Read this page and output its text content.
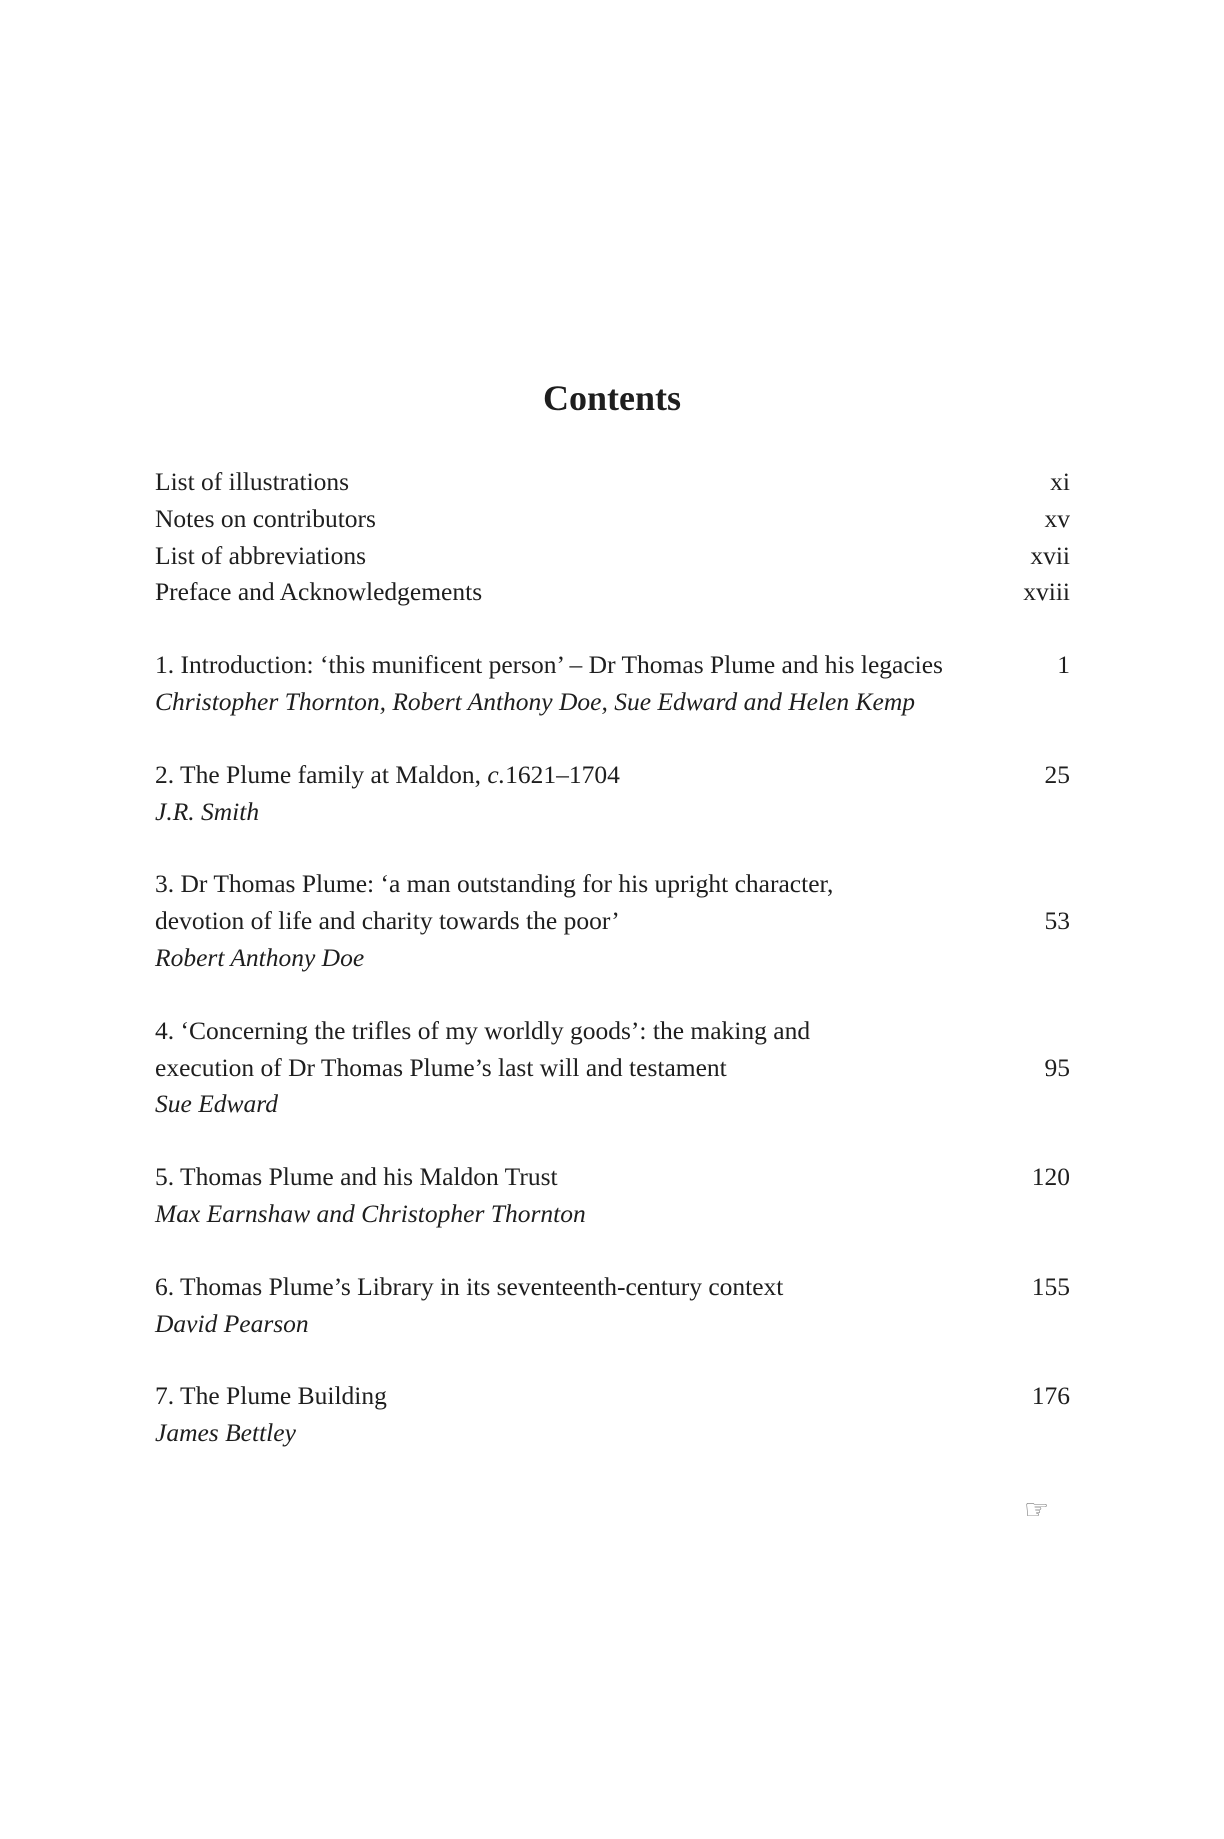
Contents
List of illustrations	xi
Notes on contributors	xv
List of abbreviations	xvii
Preface and Acknowledgements	xviii
1. Introduction: ‘this munificent person’ – Dr Thomas Plume and his legacies	1
Christopher Thornton, Robert Anthony Doe, Sue Edward and Helen Kemp
2. The Plume family at Maldon, c.1621–1704	25
J.R. Smith
3. Dr Thomas Plume: ‘a man outstanding for his upright character,
devotion of life and charity towards the poor’	53
Robert Anthony Doe
4. ‘Concerning the trifles of my worldly goods’: the making and
execution of Dr Thomas Plume’s last will and testament	95
Sue Edward
5. Thomas Plume and his Maldon Trust	120
Max Earnshaw and Christopher Thornton
6. Thomas Plume’s Library in its seventeenth-century context	155
David Pearson
7. The Plume Building	176
James Bettley
☞
